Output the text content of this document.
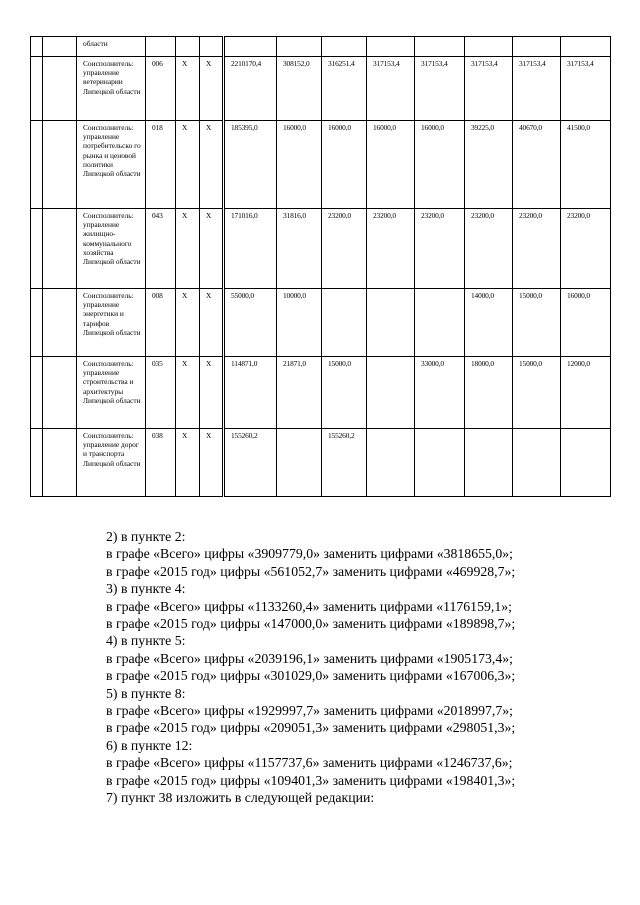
		области											
		Соисполнитель: управление ветеринарии Липецкой области	006	Х	Х	2210170,4	308152,0	316251,4	317153,4	317153,4	317153,4	317153,4	317153,4
		Соисполнитель: управление потребительско го рынка и ценовой политики Липецкой области	018	Х	Х	185395,0	16000,0	16000,0	16000,0	16000,0	39225,0	40670,0	41500,0
		Соисполнитель: управление жилищно-коммунального хозяйства Липецкой области	043	Х	Х	171016,0	31816,0	23200,0	23200,0	23200,0	23200,0	23200,0	23200,0
		Соисполнитель: управление энергетики и тарифов Липецкой области	008	Х	Х	55000,0	10000,0				14000,0	15000,0	16000,0
		Соисполнитель: управление строительства и архитектуры Липецкой области	035	Х	Х	114871,0	21871,0	15000,0		33000,0	18000,0	15000,0	12000,0
		Соисполнитель: управление дорог и транспорта Липецкой области	038	Х	Х	155260,2		155260,2					

2) в пункте 2:

в графе «Всего» цифры «3909779,0» заменить цифрами «3818655,0»;

в графе «2015 год» цифры «561052,7» заменить цифрами «469928,7»;

3) в пункте 4:

в графе «Всего» цифры «1133260,4» заменить цифрами «1176159,1»;

в графе «2015 год» цифры «147000,0» заменить цифрами «189898,7»;

4) в пункте 5:

в графе «Всего» цифры «2039196,1» заменить цифрами «1905173,4»;

в графе «2015 год» цифры «301029,0» заменить цифрами «167006,3»;

5) в пункте 8:

в графе «Всего» цифры «1929997,7» заменить цифрами «2018997,7»;

в графе «2015 год» цифры «209051,3» заменить цифрами «298051,3»;

6) в пункте 12:

в графе «Всего» цифры «1157737,6» заменить цифрами «1246737,6»;

в графе «2015 год» цифры «109401,3» заменить цифрами «198401,3»;

7) пункт 38 изложить в следующей редакции:
